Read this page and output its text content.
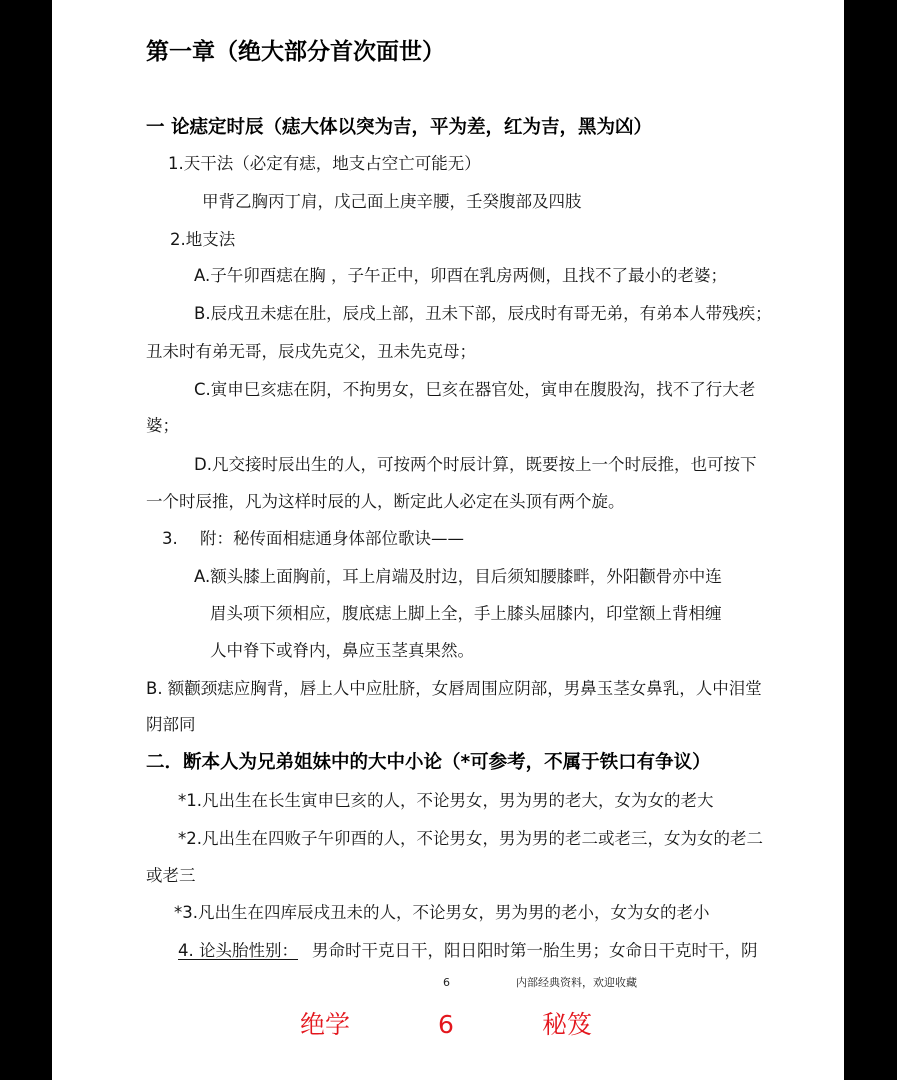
第一章（绝大部分首次面世）
一 论痣定时辰（痣大体以突为吉，平为差，红为吉，黑为凶）
1.天干法（必定有痣，地支占空亡可能无）
甲背乙胸丙丁肩，戊己面上庚辛腰，壬癸腹部及四肢
2.地支法
A.子午卯酉痣在胸 ，子午正中，卯酉在乳房两侧，且找不了最小的老婆；
B.辰戌丑未痣在肚，辰戌上部，丑未下部，辰戌时有哥无弟，有弟本人带残疾；
丑未时有弟无哥，辰戌先克父，丑未先克母；
C.寅申巳亥痣在阴，不拘男女，巳亥在器官处，寅申在腹股沟，找不了行大老
婆；
D.凡交接时辰出生的人，可按两个时辰计算，既要按上一个时辰推，也可按下
一个时辰推，凡为这样时辰的人，断定此人必定在头顶有两个旋。
3. 附：秘传面相痣通身体部位歌诀——
A.额头膝上面胸前，耳上肩端及肘边，目后须知腰膝畔，外阳颧骨亦中连
眉头项下须相应，腹底痣上脚上全，手上膝头屈膝内，印堂额上背相缠
人中脊下或脊内，鼻应玉茎真果然。
B. 额颧颈痣应胸背，唇上人中应肚脐，女唇周围应阴部，男鼻玉茎女鼻乳，人中泪堂
阴部同
二．断本人为兄弟姐妹中的大中小论（*可参考，不属于铁口有争议）
*1.凡出生在长生寅申巳亥的人，不论男女，男为男的老大，女为女的老大
*2.凡出生在四败子午卯酉的人，不论男女，男为男的老二或老三，女为女的老二
或老三
*3.凡出生在四库辰戌丑未的人，不论男女，男为男的老小，女为女的老小
4. 论头胎性别： 男命时干克日干，阳日阳时第一胎生男；女命日干克时干，阴
6	内部经典资料，欢迎收藏
绝学	6	秘笈
